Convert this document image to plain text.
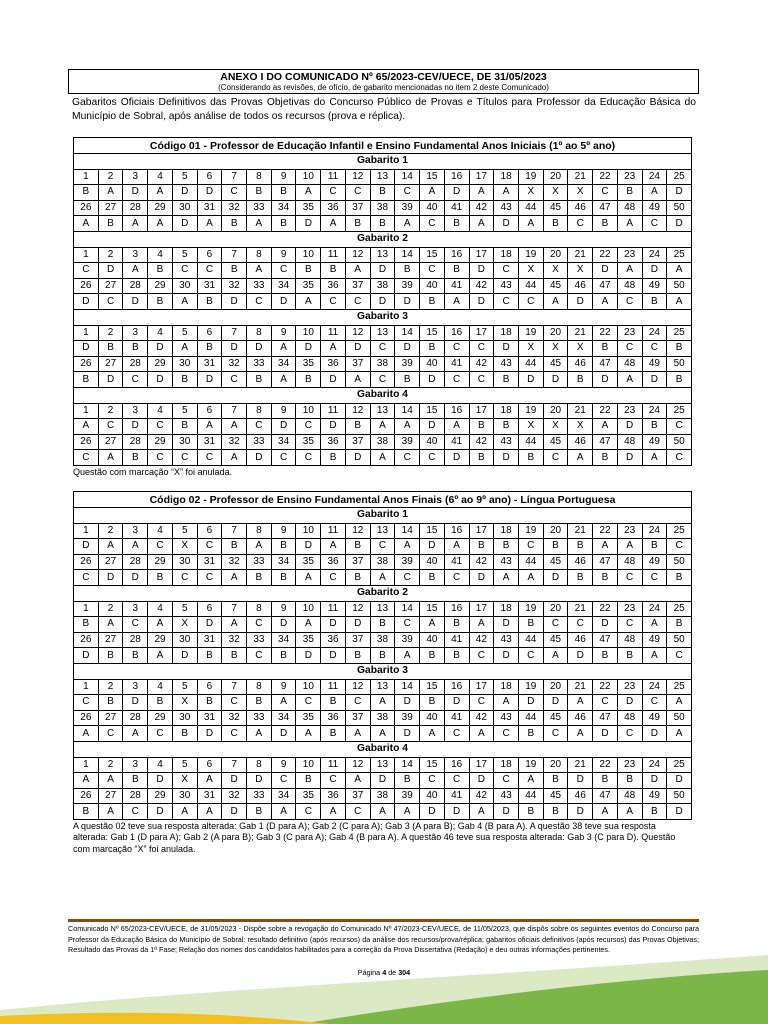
ANEXO I DO COMUNICADO Nº 65/2023-CEV/UECE, DE 31/05/2023
(Considerando as revisões, de ofício, de gabarito mencionadas no item 2 deste Comunicado)
Gabaritos Oficiais Definitivos das Provas Objetivas do Concurso Público de Provas e Títulos para Professor da Educação Básica do Município de Sobral, após análise de todos os recursos (prova e réplica).
Código 01 - Professor de Educação Infantil e Ensino Fundamental Anos Iniciais (1º ao 5º ano)																								
Gabarito 1																								
1	2	3	4	5	6	7	8	9	10	11	12	13	14	15	16	17	18	19	20	21	22	23	24	25
B	A	D	A	D	D	C	B	B	A	C	C	B	C	A	D	A	A	X	X	X	C	B	A	D
26	27	28	29	30	31	32	33	34	35	36	37	38	39	40	41	42	43	44	45	46	47	48	49	50
A	B	A	A	D	A	B	A	B	D	A	B	B	A	C	B	A	D	A	B	C	B	A	C	D
Gabarito 2																								
1	2	3	4	5	6	7	8	9	10	11	12	13	14	15	16	17	18	19	20	21	22	23	24	25
C	D	A	B	C	C	B	A	C	B	B	A	D	B	C	B	D	C	X	X	X	D	A	D	A
26	27	28	29	30	31	32	33	34	35	36	37	38	39	40	41	42	43	44	45	46	47	48	49	50
D	C	D	B	A	B	D	C	D	A	C	C	D	D	B	A	D	C	C	A	D	A	C	B	A
Gabarito 3																								
1	2	3	4	5	6	7	8	9	10	11	12	13	14	15	16	17	18	19	20	21	22	23	24	25
D	B	B	D	A	B	D	D	A	D	A	D	C	D	B	C	C	D	X	X	X	B	C	C	B
26	27	28	29	30	31	32	33	34	35	36	37	38	39	40	41	42	43	44	45	46	47	48	49	50
B	D	C	D	B	D	C	B	A	B	D	A	C	B	D	C	C	B	D	D	B	D	A	D	B
Gabarito 4																								
1	2	3	4	5	6	7	8	9	10	11	12	13	14	15	16	17	18	19	20	21	22	23	24	25
A	C	D	C	B	A	A	C	D	C	D	B	A	A	D	A	B	B	X	X	X	A	D	B	C
26	27	28	29	30	31	32	33	34	35	36	37	38	39	40	41	42	43	44	45	46	47	48	49	50
C	A	B	C	C	C	A	D	C	C	B	D	A	C	C	D	B	D	B	C	A	B	D	A	C
Questão com marcação “X” foi anulada.
Código 02 - Professor de Ensino Fundamental Anos Finais (6º ao 9º ano) - Língua Portuguesa																								
Gabarito 1																								
1	2	3	4	5	6	7	8	9	10	11	12	13	14	15	16	17	18	19	20	21	22	23	24	25
D	A	A	C	X	C	B	A	B	D	A	B	C	A	D	A	B	B	C	B	B	A	A	B	C
26	27	28	29	30	31	32	33	34	35	36	37	38	39	40	41	42	43	44	45	46	47	48	49	50
C	D	D	B	C	C	A	B	B	A	C	B	A	C	B	C	D	A	A	D	B	B	C	C	B
Gabarito 2																								
1	2	3	4	5	6	7	8	9	10	11	12	13	14	15	16	17	18	19	20	21	22	23	24	25
B	A	C	A	X	D	A	C	D	A	D	D	B	C	A	B	A	D	B	C	C	D	C	A	B
26	27	28	29	30	31	32	33	34	35	36	37	38	39	40	41	42	43	44	45	46	47	48	49	50
D	B	B	A	D	B	B	C	B	D	D	B	B	A	B	B	C	D	C	A	D	B	B	A	C
Gabarito 3																								
1	2	3	4	5	6	7	8	9	10	11	12	13	14	15	16	17	18	19	20	21	22	23	24	25
C	B	D	B	X	B	C	B	A	C	B	C	A	D	B	D	C	A	D	D	A	C	D	C	A
26	27	28	29	30	31	32	33	34	35	36	37	38	39	40	41	42	43	44	45	46	47	48	49	50
A	C	A	C	B	D	C	A	D	A	B	A	A	D	A	C	A	C	B	C	A	D	C	D	A
Gabarito 4																								
1	2	3	4	5	6	7	8	9	10	11	12	13	14	15	16	17	18	19	20	21	22	23	24	25
A	A	B	D	X	A	D	D	C	B	C	A	D	B	C	C	D	C	A	B	D	B	B	D	D
26	27	28	29	30	31	32	33	34	35	36	37	38	39	40	41	42	43	44	45	46	47	48	49	50
B	A	C	D	A	A	D	B	A	C	A	C	A	A	D	D	A	D	B	B	D	A	A	B	D
A questão 02 teve sua resposta alterada: Gab 1 (D para A); Gab 2 (C para A); Gab 3 (A para B); Gab 4 (B para A). A questão 38 teve sua resposta alterada: Gab 1 (D para A); Gab 2 (A para B); Gab 3 (C para A); Gab 4 (B para A). A questão 46 teve sua resposta alterada: Gab 3 (C para D). Questão com marcação “X” foi anulada.
Comunicado Nº 65/2023-CEV/UECE, de 31/05/2023 - Dispõe sobre a revogação do Comunicado Nº 47/2023-CEV/UECE, de 11/05/2023, que dispôs sobre os seguintes eventos do Concurso para Professor da Educação Básica do Município de Sobral: resultado definitivo (após recursos) da análise dos recursos/prova/réplica; gabaritos oficiais definitivos (após recursos) das Provas Objetivas; Resultado das Provas da 1ª Fase; Relação dos nomes dos candidatos habilitados para a correção da Prova Dissertativa (Redação) e deu outras informações pertinentes.
Página 4 de 304
